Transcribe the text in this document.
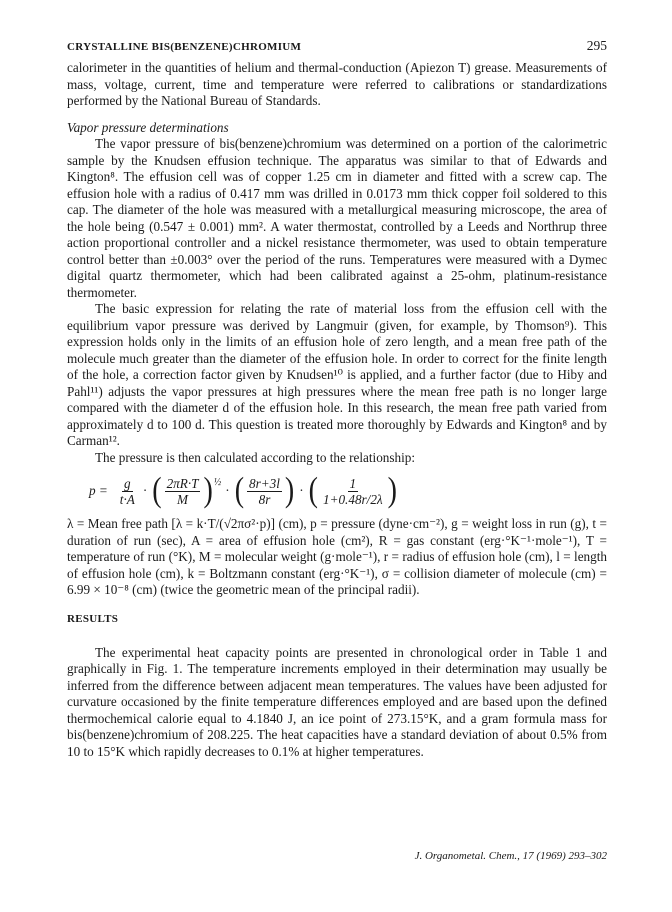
CRYSTALLINE BIS(BENZENE)CHROMIUM	295

calorimeter in the quantities of helium and thermal-conduction (Apiezon T) grease. Measurements of mass, voltage, current, time and temperature were referred to calibrations or standardizations performed by the National Bureau of Standards.

Vapor pressure determinations

The vapor pressure of bis(benzene)chromium was determined on a portion of the calorimetric sample by the Knudsen effusion technique. The apparatus was similar to that of Edwards and Kington⁸. The effusion cell was of copper 1.25 cm in diameter and fitted with a screw cap. The effusion hole with a radius of 0.417 mm was drilled in 0.0173 mm thick copper foil soldered to this cap. The diameter of the hole was measured with a metallurgical measuring microscope, the area of the hole being (0.547 ± 0.001) mm². A water thermostat, controlled by a Leeds and Northrup three action proportional controller and a nickel resistance thermometer, was used to obtain temperature control better than ±0.003° over the period of the runs. Temperatures were measured with a Dymec digital quartz thermometer, which had been calibrated against a 25-ohm, platinum-resistance thermometer.

The basic expression for relating the rate of material loss from the effusion cell with the equilibrium vapor pressure was derived by Langmuir (given, for example, by Thomson⁹). This expression holds only in the limits of an effusion hole of zero length, and a mean free path of the molecule much greater than the diameter of the effusion hole. In order to correct for the finite length of the hole, a correction factor given by Knudsen¹⁰ is applied, and a further factor (due to Hiby and Pahl¹¹) adjusts the vapor pressures at high pressures where the mean free path is no longer large compared with the diameter d of the effusion hole. In this research, the mean free path varied from approximately d to 100 d. This question is treated more thoroughly by Edwards and Kington⁸ and by Carman¹².

The pressure is then calculated according to the relationship:

$p = \frac{g}{t\cdot A}$ · ( $\frac{2\pi R\cdot T}{M} )^{\frac{1}{2}}$
· ( $\frac{8r+3l}{8r}$ ) · ( $\frac{1}{1+0.48r/2\lambda}$ )

λ = Mean free path [λ = k·T/(√2πσ²·p)] (cm), p = pressure (dyne·cm⁻²), g = weight loss in run (g), t = duration of run (sec), A = area of effusion hole (cm²), R = gas constant (erg·°K⁻¹·mole⁻¹), T = temperature of run (°K), M = molecular weight (g·mole⁻¹), r = radius of effusion hole (cm), l = length of effusion hole (cm), k = Boltzmann constant (erg·°K⁻¹), σ = collision diameter of molecule (cm) = 6.99 × 10⁻⁸ (cm) (twice the geometric mean of the principal radii).

RESULTS

The experimental heat capacity points are presented in chronological order in Table 1 and graphically in Fig. 1. The temperature increments employed in their determination may usually be inferred from the difference between adjacent mean temperatures. The values have been adjusted for curvature occasioned by the finite temperature differences employed and are based upon the defined thermochemical calorie equal to 4.1840 J, an ice point of 273.15°K, and a gram formula mass for bis(benzene)chromium of 208.225. The heat capacities have a standard deviation of about 0.5% from 10 to 15°K which rapidly decreases to 0.1% at higher temperatures.

J. Organometal. Chem., 17 (1969) 293–302
